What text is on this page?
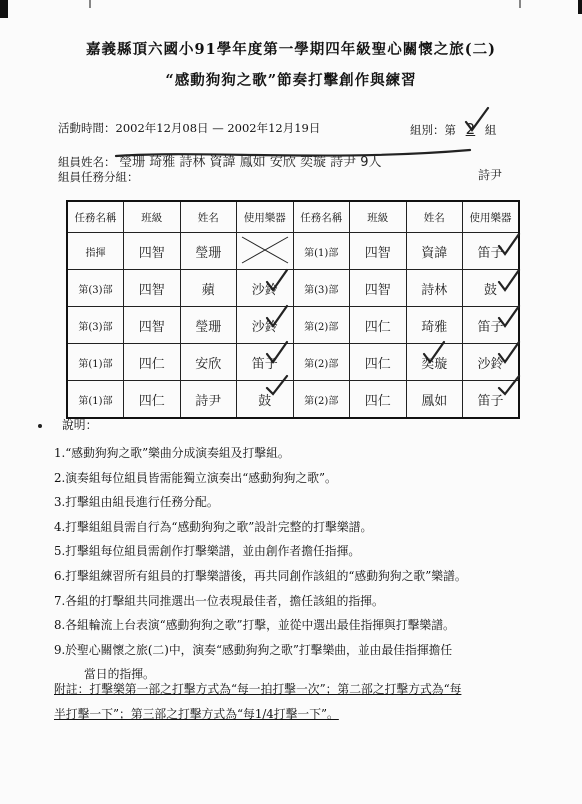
嘉義縣頂六國小91學年度第一學期四年級聖心關懷之旅(二)
“感動狗狗之歌”節奏打擊創作與練習
活動時間：2002年12月08日 — 2002年12月19日	組別：第 2 組
組員姓名： 瑩珊 琦雅 詩林 資諱 鳳如 安欣 奕璇 詩尹 9人
詩尹
組員任務分組：
任務名稱	班級	姓名	使用樂器	任務名稱	班級	姓名	使用樂器
指揮	四智	瑩珊		第(1)部	四智	資諱	笛子
第(3)部	四智	蘋	沙鈴	第(3)部	四智	詩林	鼓
第(3)部	四智	瑩珊	沙鈴	第(2)部	四仁	琦雅	笛子
第(1)部	四仁	安欣	笛子	第(2)部	四仁	奕璇	沙鈴
第(1)部	四仁	詩尹	鼓	第(2)部	四仁	鳳如	笛子
說明：
1.“感動狗狗之歌”樂曲分成演奏組及打擊組。
2.演奏組每位組員皆需能獨立演奏出“感動狗狗之歌”。
3.打擊組由組長進行任務分配。
4.打擊組組員需自行為“感動狗狗之歌”設計完整的打擊樂譜。
5.打擊組每位組員需創作打擊樂譜，並由創作者擔任指揮。
6.打擊組練習所有組員的打擊樂譜後，再共同創作該組的“感動狗狗之歌”樂譜。
7.各組的打擊組共同推選出一位表現最佳者，擔任該組的指揮。
8.各組輪流上台表演“感動狗狗之歌”打擊，並從中選出最佳指揮與打擊樂譜。
9.於聖心關懷之旅(二)中，演奏“感動狗狗之歌”打擊樂曲，並由最佳指揮擔任
當日的指揮。
附註：打擊樂第一部之打擊方式為“每一拍打擊一次”；第二部之打擊方式為“每
半打擊一下”；第三部之打擊方式為“每1/4打擊一下”。
